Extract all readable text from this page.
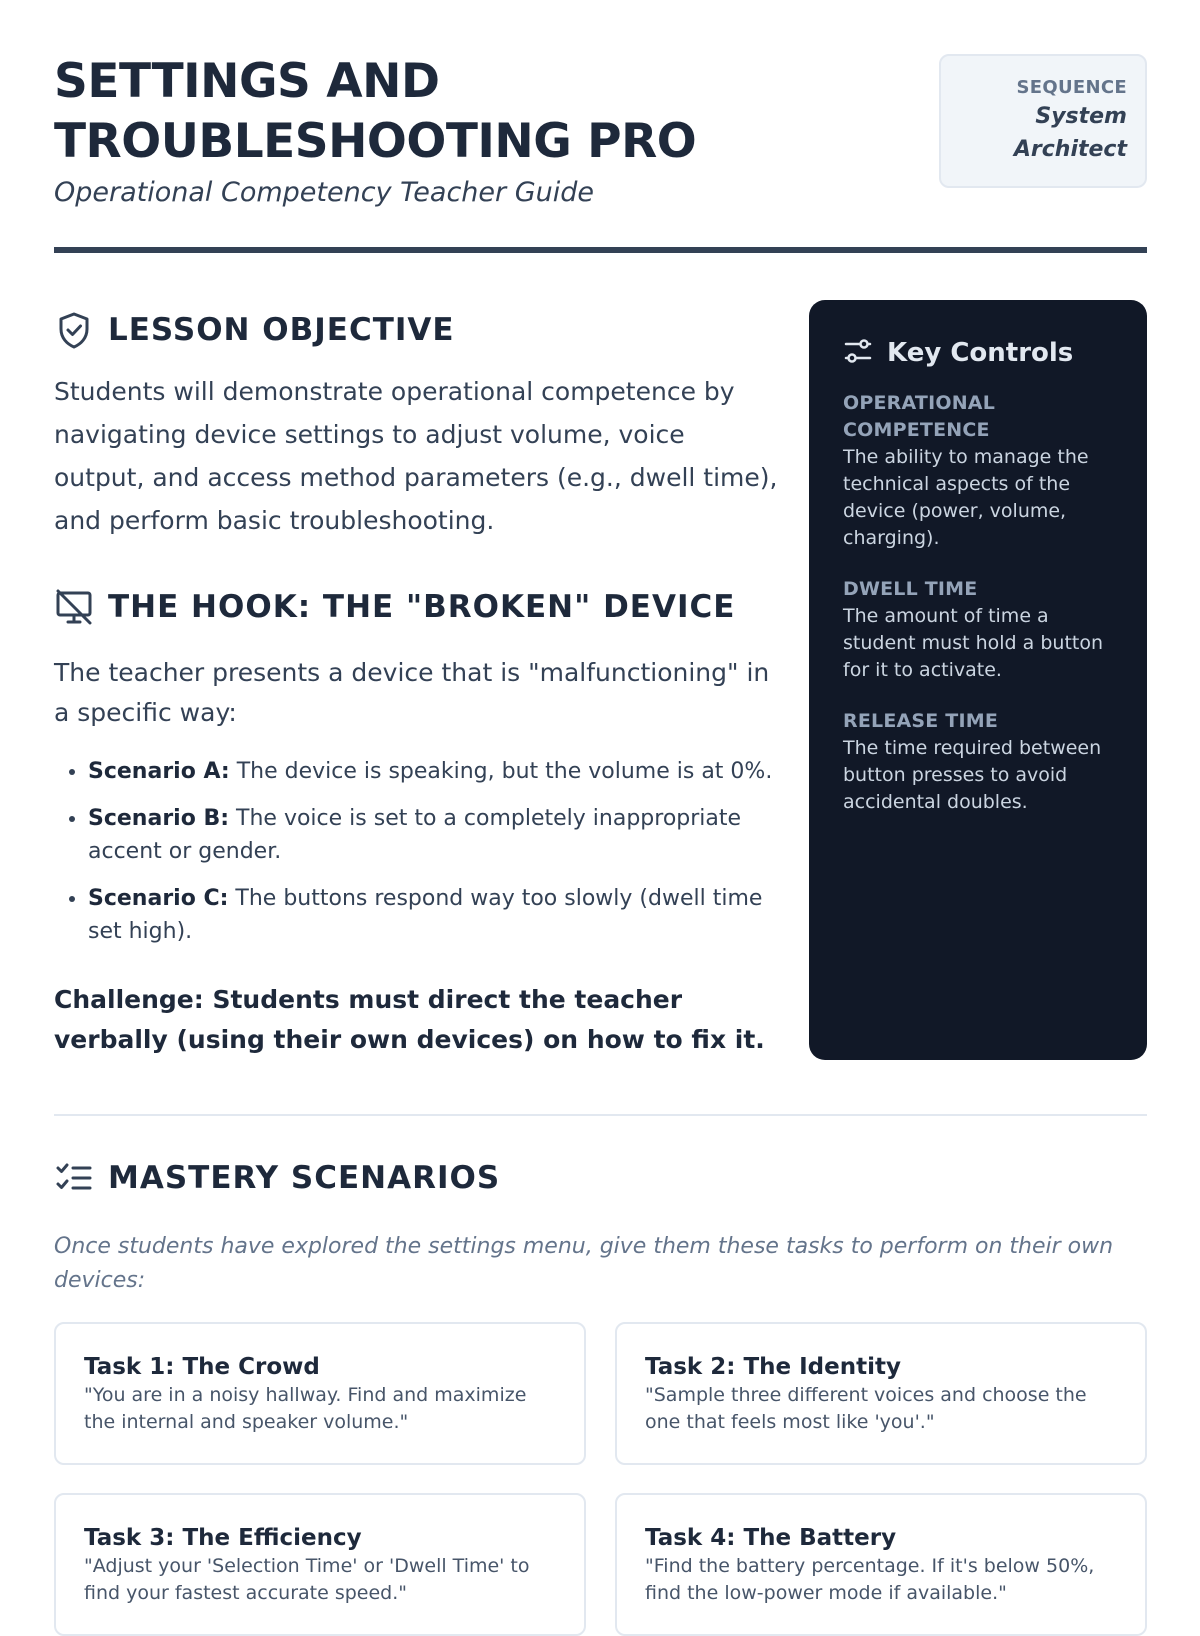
SETTINGS AND
TROUBLESHOOTING PRO

Operational Competency Teacher Guide

SEQUENCE
System
Architect
LESSON OBJECTIVE

Students will demonstrate operational competence by navigating device settings to adjust volume, voice output, and access method parameters (e.g., dwell time), and perform basic troubleshooting.

THE HOOK: THE "BROKEN" DEVICE

The teacher presents a device that is "malfunctioning" in a specific way:

• Scenario A: The device is speaking, but the volume is at 0%.
• Scenario B: The voice is set to a completely inappropriate accent or gender.
• Scenario C: The buttons respond way too slowly (dwell time set high).

Challenge: Students must direct the teacher verbally (using their own devices) on how to fix it.

Key Controls
OPERATIONAL COMPETENCE
The ability to manage the technical aspects of the device (power, volume, charging).
DWELL TIME
The amount of time a student must hold a button for it to activate.
RELEASE TIME
The time required between button presses to avoid accidental doubles.
MASTERY SCENARIOS

Once students have explored the settings menu, give them these tasks to perform on their own devices:

Task 1: The Crowd
"You are in a noisy hallway. Find and maximize the internal and speaker volume."
Task 2: The Identity
"Sample three different voices and choose the one that feels most like 'you'."
Task 3: The Efficiency
"Adjust your 'Selection Time' or 'Dwell Time' to find your fastest accurate speed."
Task 4: The Battery
"Find the battery percentage. If it's below 50%, find the low-power mode if available."
